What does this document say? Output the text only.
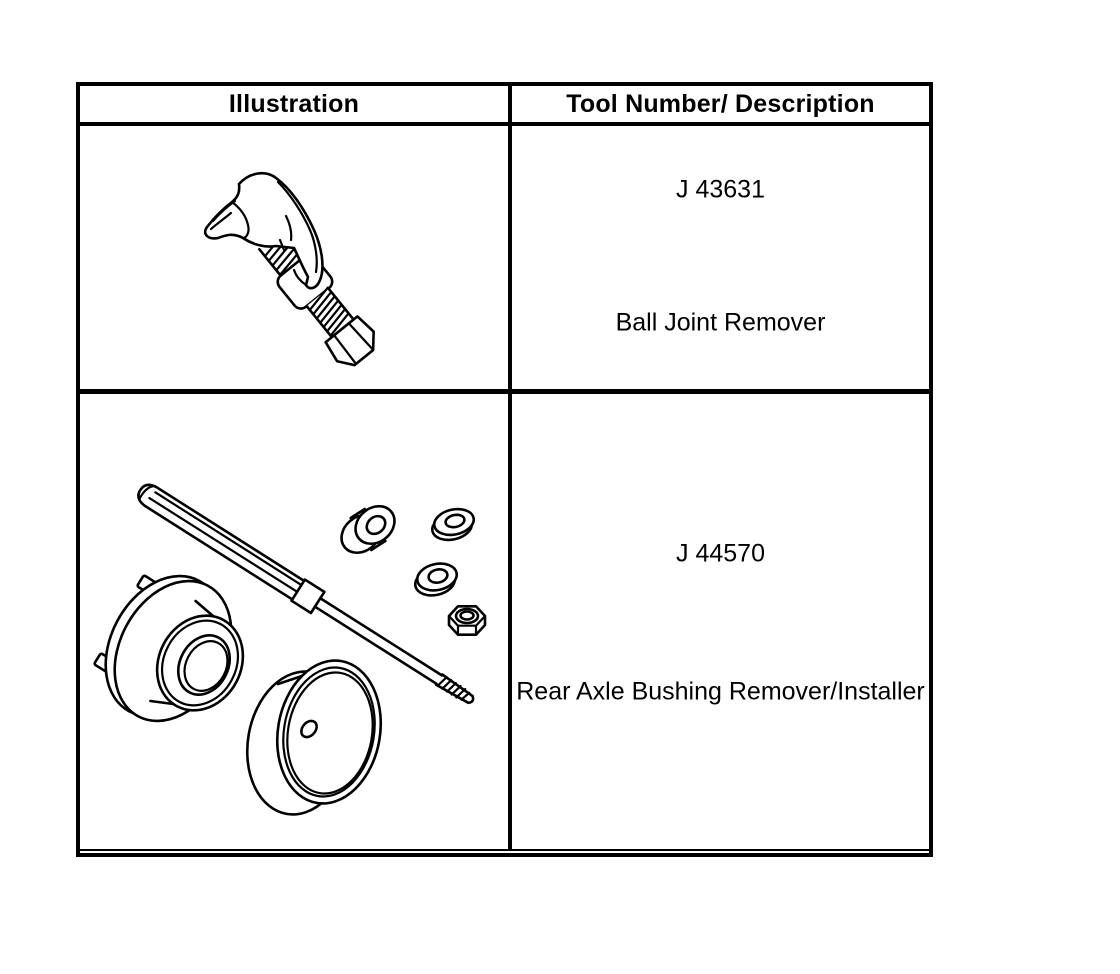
Illustration	Tool Number/ Description
J 43631
Ball Joint Remover
J 44570
Rear Axle Bushing Remover/Installer
